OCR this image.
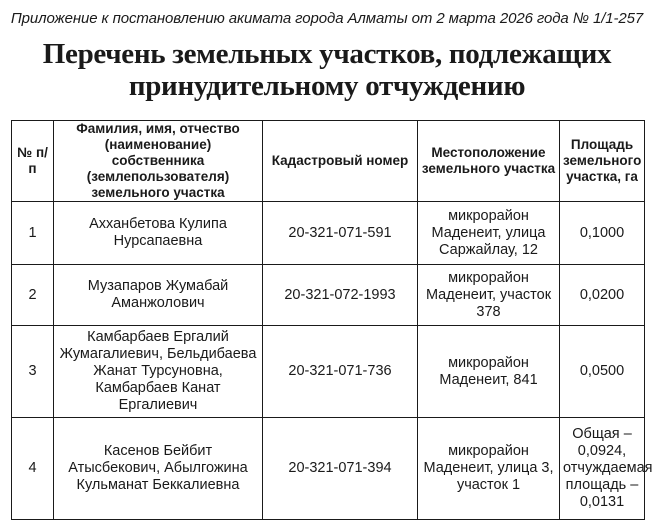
Приложение к постановлению акимата города Алматы от 2 марта 2026 года № 1/1-257
Перечень земельных участков, подлежащих принудительному отчуждению
№ п/п	Фамилия, имя, отчество (наименование) собственника (землепользователя) земельного участка	Кадастровый номер	Местоположение земельного участка	Площадь земельного участка, га
1	Ахханбетова Кулипа Нурсапаевна	20-321-071-591	микрорайон Маденеит, улица Саржайлау, 12	0,1000
2	Музапаров Жумабай Аманжолович	20-321-072-1993	микрорайон Маденеит, участок 378	0,0200
3	Камбарбаев Ергалий Жумагалиевич, Бельдибаева Жанат Турсуновна, Камбарбаев Канат Ергалиевич	20-321-071-736	микрорайон Маденеит, 841	0,0500
4	Касенов Бейбит Атысбекович, Абылгожина Кульманат Беккалиевна	20-321-071-394	микрорайон Маденеит, улица 3, участок 1	Общая – 0,0924, отчуждаемая площадь – 0,0131
